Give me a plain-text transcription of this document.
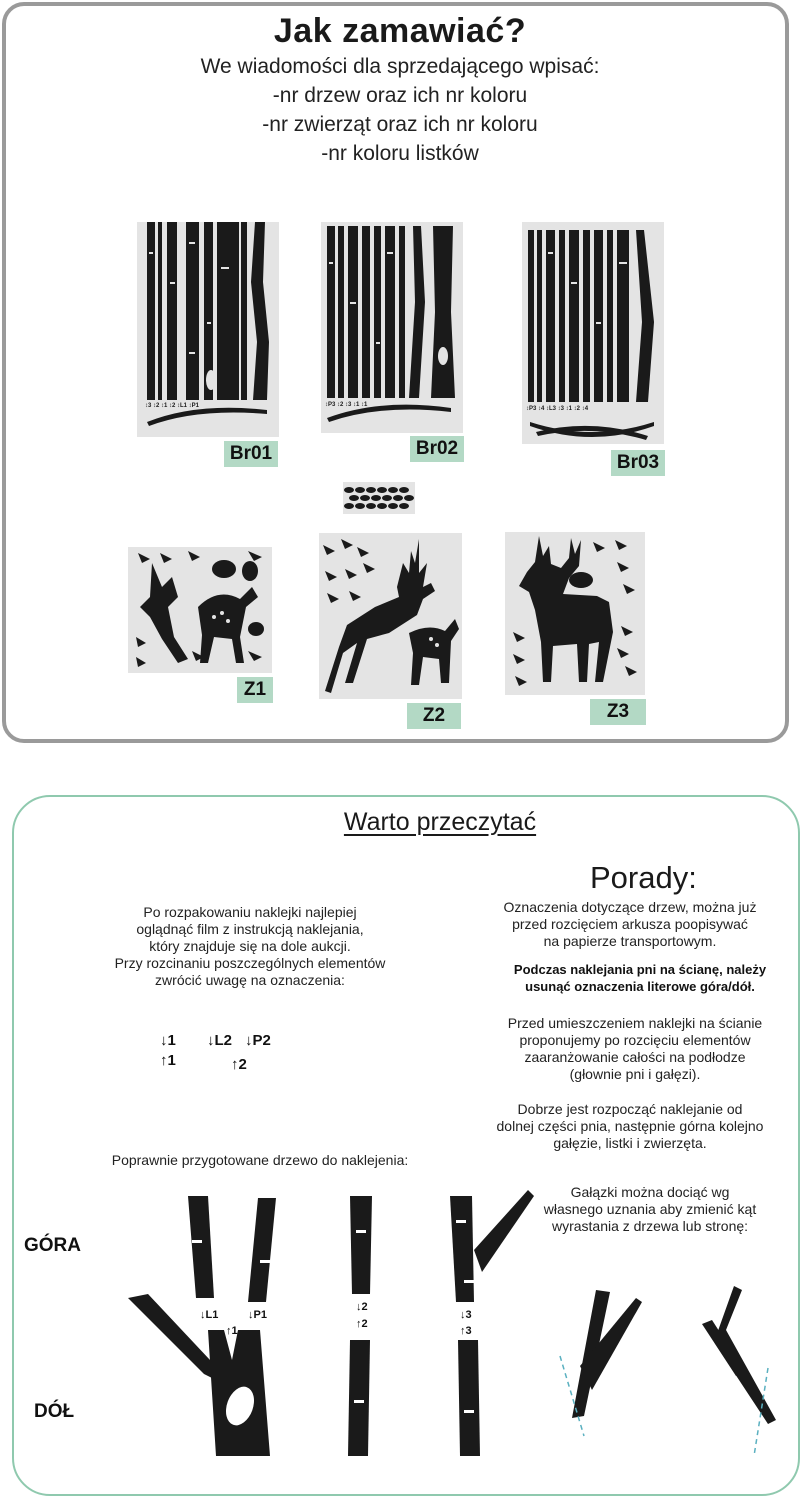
Jak zamawiać?
We wiadomości dla sprzedającego wpisać:
-nr drzew oraz ich nr koloru
-nr zwierząt oraz ich nr koloru
-nr koloru listków
↕3 ↕2 ↕1 ↕2 ↕L1 ↕P1
Br01
↕P3 ↕2 ↕3 ↕1 ↕1
Br02
↕P3 ↕4 ↕L3 ↕3 ↕1 ↕2 ↕4
Br03
Z1
Z2	Z3
Warto przeczytać
Porady:
Po rozpakowaniu naklejki najlepiej
oglądnąć film z instrukcją naklejania,
który znajduje się na dole aukcji.
Przy rozcinaniu poszczególnych elementów
zwrócić uwagę na oznaczenia:
↓1
↑1
↓L2 ↓P2
↑2
Poprawnie przygotowane drzewo do naklejenia:
Oznaczenia dotyczące drzew, można już
przed rozcięciem arkusza poopisywać
na papierze transportowym.
Podczas naklejania pni na ścianę, należy
usunąć oznaczenia literowe góra/dół.
Przed umieszczeniem naklejki na ścianie
proponujemy po rozcięciu elementów
zaaranżowanie całości na podłodze
(głownie pni i gałęzi).
Dobrze jest rozpocząć naklejanie od
dolnej części pnia, następnie górna kolejno
gałęzie, listki i zwierzęta.
Gałązki można dociąć wg
własnego uznania aby zmienić kąt
wyrastania z drzewa lub stronę:
GÓRA
DÓŁ
↓L1	↓P1
↑1
↓2
↑2
↓3
↑3
